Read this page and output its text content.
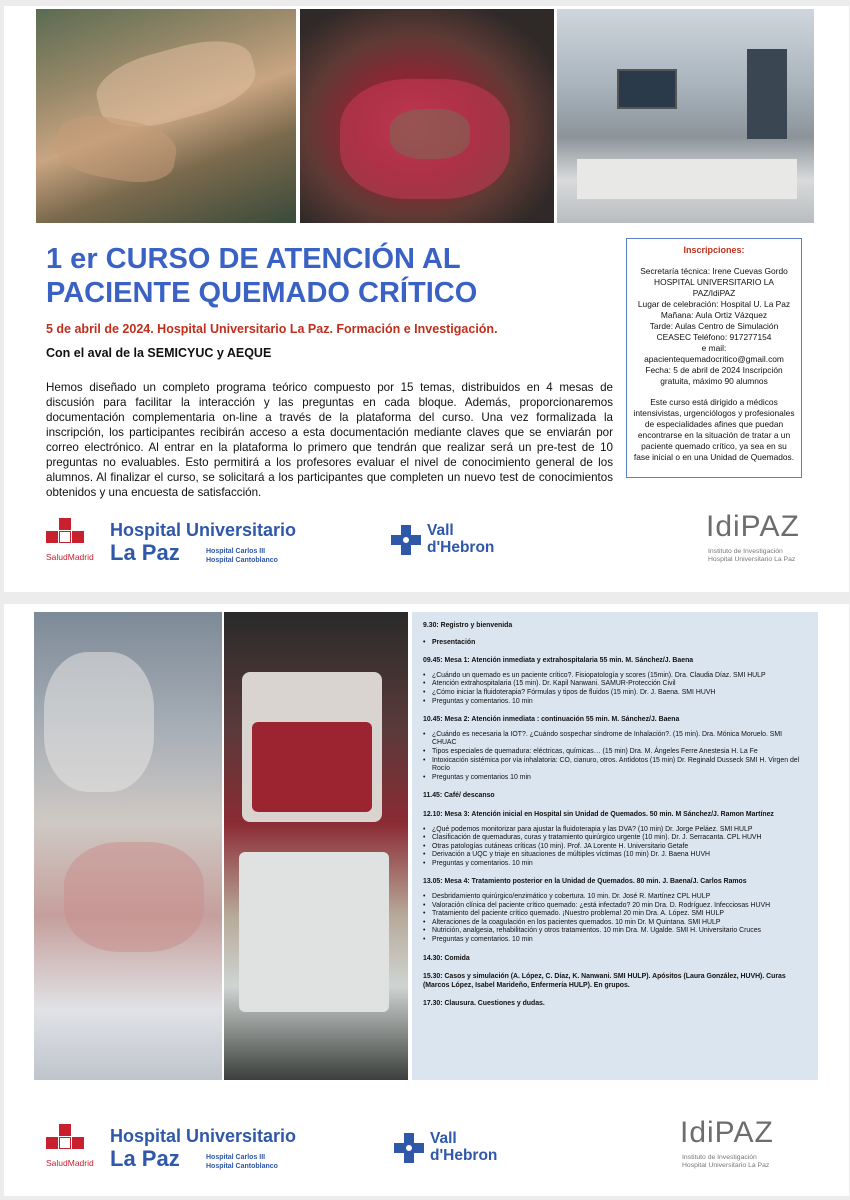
1 er CURSO DE ATENCIÓN AL PACIENTE QUEMADO CRÍTICO
5 de abril de 2024. Hospital Universitario La Paz. Formación e Investigación.
Con el aval de la SEMICYUC y AEQUE
Hemos diseñado un completo programa teórico compuesto por 15 temas, distribuidos en 4 mesas de discusión para facilitar la interacción y las preguntas en cada bloque. Además, proporcionaremos documentación complementaria on-line a través de la plataforma del curso. Una vez formalizada la inscripción, los participantes recibirán acceso a esta documentación mediante claves que se enviarán por correo electrónico. Al entrar en la plataforma lo primero que tendrán que realizar será un pre-test de 10 preguntas no evaluables. Esto permitirá a los profesores evaluar el nivel de conocimiento general de los alumnos. Al finalizar el curso, se solicitará a los participantes que completen un nuevo test de conocimientos obtenidos y una encuesta de satisfacción.
Inscripciones:

Secretaría técnica: Irene Cuevas Gordo

HOSPITAL UNIVERSITARIO LA PAZ/IdiPAZ

Lugar de celebración: Hospital U. La Paz Mañana: Aula Ortiz Vázquez

Tarde: Aulas Centro de Simulación CEASEC Teléfono: 917277154

e mail: apacientequemadocritico@gmail.com

Fecha: 5 de abril de 2024 Inscripción gratuita, máximo 90 alumnos

Este curso está dirigido a médicos intensivistas, urgenciólogos y profesionales de especialidades afines que puedan encontrarse en la situación de tratar a un paciente quemado crítico, ya sea en su fase inicial o en una Unidad de Quemados.

SaludMadrid
Hospital Universitario
La Paz	Hospital Carlos III
Hospital Cantoblanco
Vall
d'Hebron
IdiPAZ
Instituto de Investigación
Hospital Universitario La Paz
9.30: Registro y bienvenida
• Presentación
09.45: Mesa 1: Atención inmediata y extrahospitalaria 55 min. M. Sánchez/J. Baena
• ¿Cuándo un quemado es un paciente crítico?. Fisiopatología y scores (15min). Dra. Claudia Díaz. SMI HULP
• Atención extrahospitalaria (15 min). Dr. Kapil Nanwani. SAMUR-Protección Civil
• ¿Cómo iniciar la fluidoterapia? Fórmulas y tipos de fluidos (15 min). Dr. J. Baena. SMI HUVH
• Preguntas y comentarios. 10 min
10.45: Mesa 2: Atención inmediata : continuación 55 min. M. Sánchez/J. Baena
• ¿Cuándo es necesaria la IOT?. ¿Cuándo sospechar síndrome de Inhalación?. (15 min). Dra. Mónica Moruelo. SMI CHUAC
• Tipos especiales de quemadura: eléctricas, químicas… (15 min) Dra. M. Ángeles Ferre Anestesia H. La Fe
• Intoxicación sistémica por vía inhalatoria: CO, cianuro, otros. Antídotos (15 min) Dr. Reginald Dusseck SMI H. Virgen del Rocío
• Preguntas y comentarios 10 min
11.45: Café/ descanso
12.10: Mesa 3: Atención inicial en Hospital sin Unidad de Quemados. 50 min. M Sánchez/J. Ramon Martínez
• ¿Qué podemos monitorizar para ajustar la fluidoterapia y las DVA? (10 min) Dr. Jorge Peláez. SMI HULP
• Clasificación de quemaduras, curas y tratamiento quirúrgico urgente (10 min). Dr. J. Serracanta. CPL HUVH
• Otras patologías cutáneas críticas (10 min). Prof. JA Lorente H. Universitario Getafe
• Derivación a UQC y triaje en situaciones de múltiples víctimas (10 min) Dr. J. Baena HUVH
• Preguntas y comentarios. 10 min
13.05: Mesa 4: Tratamiento posterior en la Unidad de Quemados. 80 min. J. Baena/J. Carlos Ramos
• Desbridamiento quirúrgico/enzimático y cobertura. 10 min. Dr. José R. Martínez CPL HULP
• Valoración clínica del paciente crítico quemado: ¿está infectado? 20 min Dra. D. Rodríguez. Infecciosas HUVH
• Tratamiento del paciente crítico quemado. ¡Nuestro problema! 20 min Dra. A. López. SMI HULP
• Alteraciones de la coagulación en los pacientes quemados. 10 min Dr. M Quintana. SMI HULP
• Nutrición, analgesia, rehabilitación y otros tratamientos. 10 min Dra. M. Ugalde. SMI H. Universitario Cruces
• Preguntas y comentarios. 10 min
14.30: Comida
15.30: Casos y simulación (A. López, C. Díaz, K. Nanwani. SMI HULP). Apósitos (Laura González, HUVH). Curas (Marcos López, Isabel Marideño, Enfermería HULP). En grupos.
17.30: Clausura. Cuestiones y dudas.
SaludMadrid
Hospital Universitario
La Paz	Hospital Carlos III
Hospital Cantoblanco
Vall
d'Hebron
IdiPAZ
Instituto de Investigación
Hospital Universitario La Paz
